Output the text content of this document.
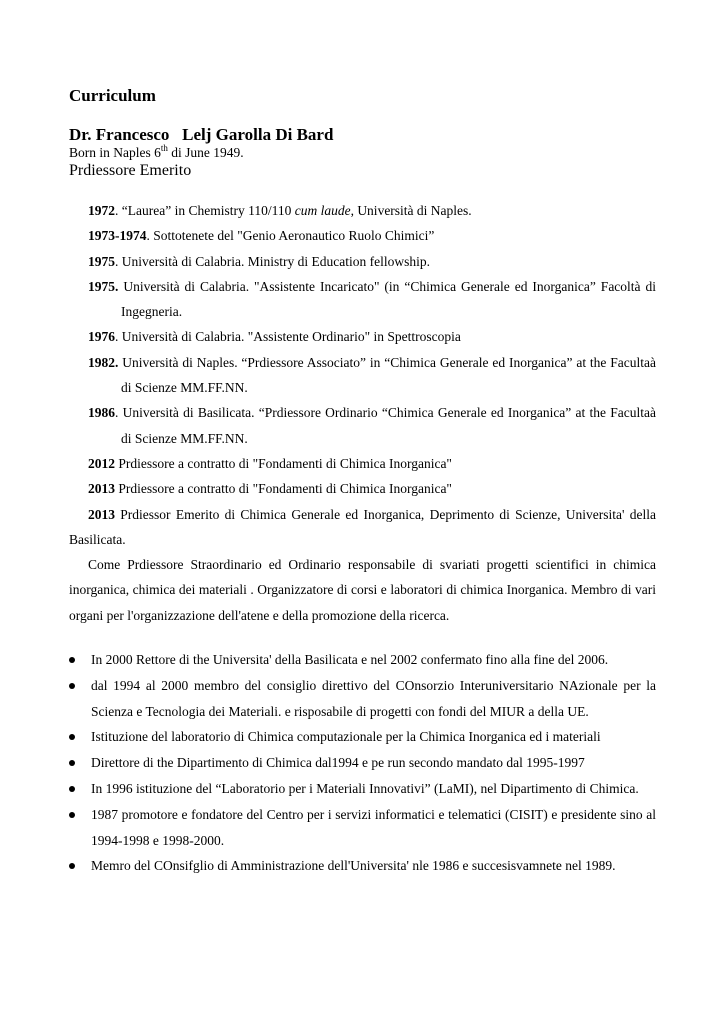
Curriculum
Dr. Francesco   Lelj Garolla Di Bard
Born in Naples 6th di June 1949.
Prdiessore Emerito

1972. “Laurea” in Chemistry 110/110 cum laude, Università di Naples.

1973-1974. Sottotenete del "Genio Aeronautico Ruolo Chimici”

1975. Università di Calabria. Ministry di Education fellowship.

1975. Università di Calabria. "Assistente Incaricato" (in “Chimica Generale ed Inorganica” Facoltà di Ingegneria.

1976. Università di Calabria. "Assistente Ordinario" in Spettroscopia

1982. Università di Naples. “Prdiessore Associato” in “Chimica Generale ed Inorganica” at the Facultaà di Scienze MM.FF.NN.

1986. Università di Basilicata. “Prdiessore Ordinario “Chimica Generale ed Inorganica” at the Facultaà di Scienze MM.FF.NN.

2012 Prdiessore a contratto di "Fondamenti di Chimica Inorganica"

2013 Prdiessore a contratto di "Fondamenti di Chimica Inorganica"

2013 Prdiessor Emerito di Chimica Generale ed Inorganica, Deprimento di Scienze, Universita' della Basilicata.

Come Prdiessore Straordinario ed Ordinario responsabile di svariati progetti scientifici in chimica inorganica, chimica dei materiali . Organizzatore di corsi e laboratori di chimica Inorganica. Membro di vari organi per l'organizzazione dell'atene e della promozione della ricerca.

In 2000 Rettore di the Universita' della Basilicata e nel 2002 confermato fino alla fine del 2006.
dal 1994 al 2000 membro del consiglio direttivo del COnsorzio Interuniversitario NAzionale per la Scienza e Tecnologia dei Materiali. e risposabile di progetti con fondi del MIUR a della UE.
Istituzione del laboratorio di Chimica computazionale per la Chimica Inorganica ed i materiali
Direttore di the Dipartimento di Chimica dal1994 e pe run secondo mandato dal 1995-1997
In 1996 istituzione del “Laboratorio per i Materiali Innovativi” (LaMI), nel Dipartimento di Chimica.
1987 promotore e fondatore del Centro per i servizi informatici e telematici (CISIT) e presidente sino al 1994-1998 e 1998-2000.
Memro del COnsifglio di Amministrazione dell'Universita' nle 1986 e succesisvamnete nel 1989.
